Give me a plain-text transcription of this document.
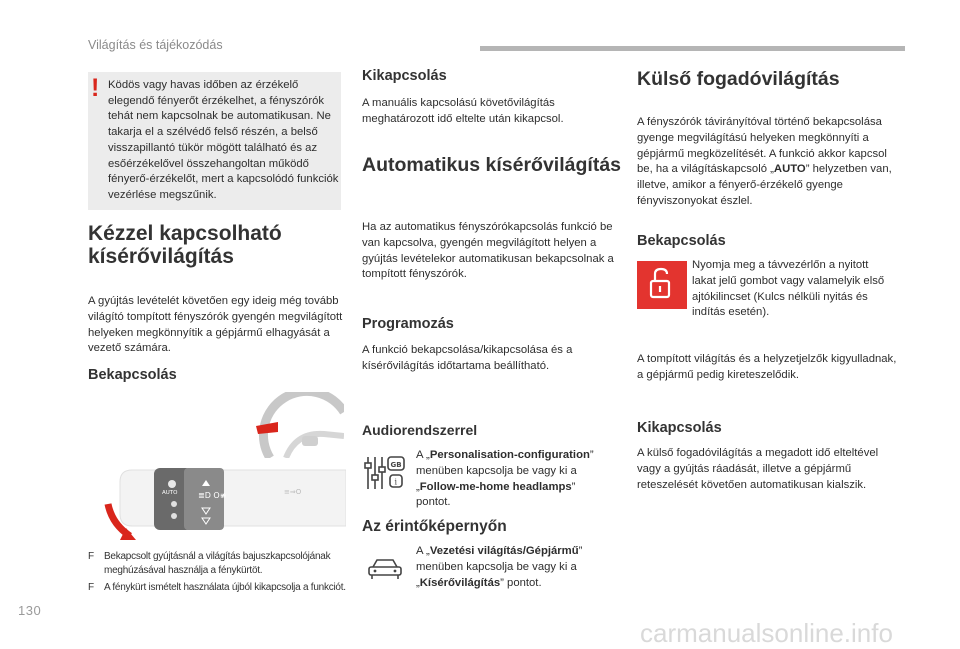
Világítás és tájékozódás
! Ködös vagy havas időben az érzékelő elegendő fényerőt érzékelhet, a fényszórók tehát nem kapcsolnak be automatikusan. Ne takarja el a szélvédő felső részén, a belső visszapillantó tükör mögött található és az esőérzékelővel összehangoltan működő fényerő-érzékelőt, mert a kapcsolódó funkciók vezérlése megszűnik.
Kézzel kapcsolható
kísérővilágítás
A gyújtás levételét követően egy ideig még tovább világító tompított fényszórók gyengén megvilágított helyeken megkönnyítik a gépjármű elhagyását a vezető számára.
Bekapcsolás
AUTO	≣D O≢	≡⇒O
F	Bekapcsolt gyújtásnál a világítás bajuszkapcsolójának meghúzásával használja a fénykürtöt.
F	A fénykürt ismételt használata újból kikapcsolja a funkciót.
Kikapcsolás
A manuális kapcsolású követővilágítás meghatározott idő eltelte után kikapcsol.
Automatikus kísérővilágítás
Ha az automatikus fényszórókapcsolás funkció be van kapcsolva, gyengén megvilágított helyen a gyújtás levételekor automatikusan bekapcsolnak a tompított fényszórók.
Programozás
A funkció bekapcsolása/kikapcsolása és a kísérővilágítás időtartama beállítható.
Audiorendszerrel
GB
i
A „Personalisation-configuration” menüben kapcsolja be vagy ki a „Follow-me-home headlamps” pontot.
Az érintőképernyőn
A „Vezetési világítás/Gépjármű” menüben kapcsolja be vagy ki a „Kísérővilágítás” pontot.
Külső fogadóvilágítás
A fényszórók távirányítóval történő bekapcsolása gyenge megvilágítású helyeken megkönnyíti a gépjármű megközelítését. A funkció akkor kapcsol be, ha a világításkapcsoló „AUTO” helyzetben van, illetve, amikor a fényerő-érzékelő gyenge fényviszonyokat észlel.
Bekapcsolás
Nyomja meg a távvezérlőn a nyitott lakat jelű gombot vagy valamelyik első ajtókilincset (Kulcs nélküli nyitás és indítás esetén).
A tompított világítás és a helyzetjelzők kigyulladnak, a gépjármű pedig kireteszelődik.
Kikapcsolás
A külső fogadóvilágítás a megadott idő elteltével vagy a gyújtás ráadását, illetve a gépjármű reteszelését követően automatikusan kialszik.
130
carmanualsonline.info
